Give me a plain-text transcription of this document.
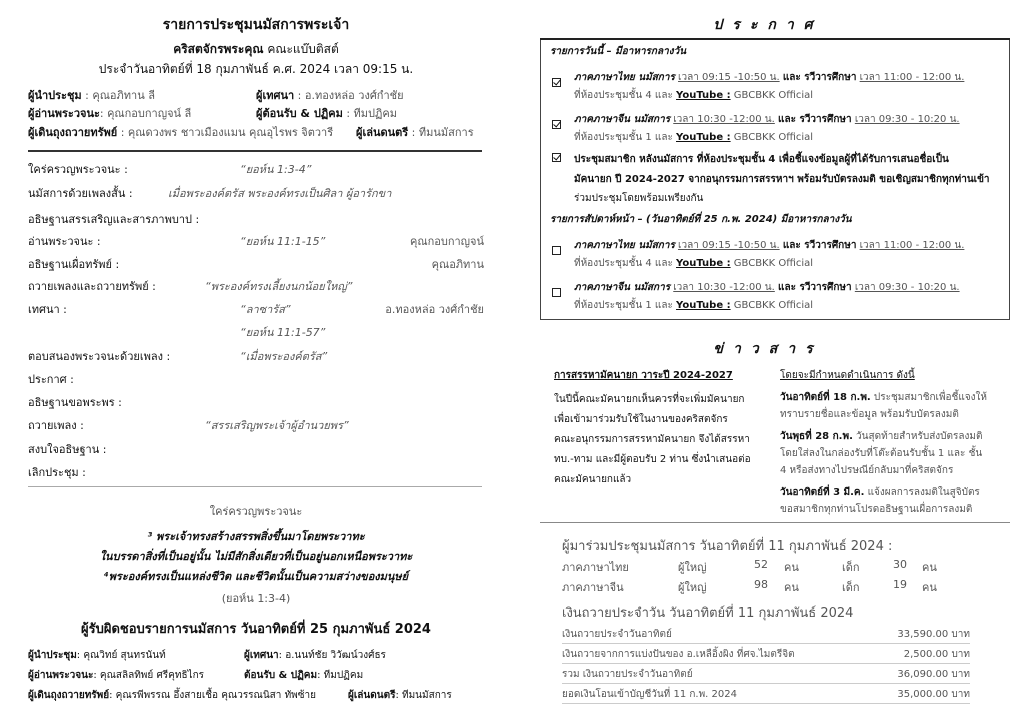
รายการประชุมนมัสการพระเจ้า
คริสตจักรพระคุณ คณะแบ๊บติสต์
ประจำวันอาทิตย์ที่ 18 กุมภาพันธ์ ค.ศ. 2024 เวลา 09:15 น.
ผู้นำประชุม : คุณอภิทาน ลี	ผู้เทศนา : อ.ทองหล่อ วงศ์กำชัย
ผู้อ่านพระวจนะ: คุณกอบกาญจน์ ลี	ผู้ต้อนรับ & ปฏิคม : ทีมปฏิคม
ผู้เดินถุงถวายทรัพย์ : คุณดวงพร ชาวเมืองแมน คุณอุไรพร จิตวารี ผู้เล่นดนตรี : ทีมนมัสการ
ใคร่ครวญพระวจนะ :	“ยอห์น 1:3-4”
นมัสการด้วยเพลงสั้น :	เมื่อพระองค์ตรัส พระองค์ทรงเป็นศิลา ผู้อารักขา
อธิษฐานสรรเสริญและสารภาพบาป :
อ่านพระวจนะ :	“ยอห์น 11:1-15”	คุณกอบกาญจน์
อธิษฐานเผื่อทรัพย์ :	คุณอภิทาน
ถวายเพลงและถวายทรัพย์ :	“พระองค์ทรงเลี้ยงนกน้อยใหญ่”
เทศนา :	“ลาซารัส”	อ.ทองหล่อ วงศ์กำชัย
“ยอห์น 11:1-57”
ตอบสนองพระวจนะด้วยเพลง :	“เมื่อพระองค์ตรัส”
ประกาศ :
อธิษฐานขอพระพร :
ถวายเพลง :	“สรรเสริญพระเจ้าผู้อำนวยพร”
สงบใจอธิษฐาน :
เลิกประชุม :
ใคร่ครวญพระวจนะ
³ พระเจ้าทรงสร้างสรรพสิ่งขึ้นมาโดยพระวาทะ
ในบรรดาสิ่งที่เป็นอยู่นั้น ไม่มีสักสิ่งเดียวที่เป็นอยู่นอกเหนือพระวาทะ
⁴พระองค์ทรงเป็นแหล่งชีวิต และชีวิตนั้นเป็นความสว่างของมนุษย์
(ยอห์น 1:3-4)
ผู้รับผิดชอบรายการนมัสการ วันอาทิตย์ที่ 25 กุมภาพันธ์ 2024
ผู้นำประชุม: คุณวิทย์ สุนทรนันท์	ผู้เทศนา: อ.นนท์ชัย วิวัฒน์วงศ์ธร
ผู้อ่านพระวจนะ: คุณสลิลทิพย์ ศรีคุทธิไกร	ต้อนรับ & ปฏิคม: ทีมปฏิคม
ผู้เดินถุงถวายทรัพย์: คุณรพีพรรณ อึ้งสายเชื้อ คุณวรรณนิสา ทัพซ้าย	ผู้เล่นดนตรี: ทีมนมัสการ
ประกาศ
รายการวันนี้ – มีอาหารกลางวัน
ภาคภาษาไทย นมัสการ เวลา 09:15 -10:50 น. และ รวีวารศึกษา เวลา 11:00 - 12:00 น.
ที่ห้องประชุมชั้น 4 และ YouTube : GBCBKK Official
ภาคภาษาจีน นมัสการ เวลา 10:30 -12:00 น. และ รวีวารศึกษา เวลา 09:30 - 10:20 น.
ที่ห้องประชุมชั้น 1 และ YouTube : GBCBKK Official
ประชุมสมาชิก หลังนมัสการ ที่ห้องประชุมชั้น 4 เพื่อชี้แจงข้อมูลผู้ที่ได้รับการเสนอชื่อเป็น
มัคนายก ปี 2024-2027 จากอนุกรรมการสรรหาฯ พร้อมรับบัตรลงมติ ขอเชิญสมาชิกทุกท่านเข้า
ร่วมประชุมโดยพร้อมเพรียงกัน
รายการสัปดาห์หน้า – (วันอาทิตย์ที่ 25 ก.พ. 2024) มีอาหารกลางวัน
ภาคภาษาไทย นมัสการ เวลา 09:15 -10:50 น. และ รวีวารศึกษา เวลา 11:00 - 12:00 น.
ที่ห้องประชุมชั้น 4 และ YouTube : GBCBKK Official
ภาคภาษาจีน นมัสการ เวลา 10:30 -12:00 น. และ รวีวารศึกษา เวลา 09:30 - 10:20 น.
ที่ห้องประชุมชั้น 1 และ YouTube : GBCBKK Official
ข่าวสาร
การสรรหามัคนายก วาระปี 2024-2027
ในปีนี้คณะมัคนายกเห็นควรที่จะเพิ่มมัคนายก
เพื่อเข้ามาร่วมรับใช้ในงานของคริสตจักร
คณะอนุกรรมการสรรหามัคนายก จึงได้สรรหา
ทบ.-ทาม และมีผู้ตอบรับ 2 ท่าน ซึ่งนำเสนอต่อ
คณะมัคนายกแล้ว
โดยจะมีกำหนดดำเนินการ ดังนี้
วันอาทิตย์ที่ 18 ก.พ. ประชุมสมาชิกเพื่อชี้แจงให้
ทราบรายชื่อและข้อมูล พร้อมรับบัตรลงมติ
วันพุธที่ 28 ก.พ. วันสุดท้ายสำหรับส่งบัตรลงมติ
โดยใส่ลงในกล่องรับที่โต๊ะต้อนรับชั้น 1 และ ชั้น
4 หรือส่งทางไปรษณีย์กลับมาที่คริสตจักร
วันอาทิตย์ที่ 3 มี.ค. แจ้งผลการลงมติในสูจิบัตร
ขอสมาชิกทุกท่านโปรดอธิษฐานเผื่อการลงมติ
ผู้มาร่วมประชุมนมัสการ วันอาทิตย์ที่ 11 กุมภาพันธ์ 2024 :
ภาคภาษาไทย	ผู้ใหญ่	52 คน	เด็ก	30 คน
ภาคภาษาจีน	ผู้ใหญ่	98 คน	เด็ก	19 คน
เงินถวายประจำวัน วันอาทิตย์ที่ 11 กุมภาพันธ์ 2024
เงินถวายประจำวันอาทิตย์	33,590.00 บาท
เงินถวายจากการแบ่งปันของ อ.เหลือิ้งผิง ที่ศจ.ไมตรีจิต	2,500.00 บาท
รวม เงินถวายประจำวันอาทิตย์	36,090.00 บาท
ยอดเงินโอนเข้าบัญชีวันที่ 11 ก.พ. 2024	35,000.00 บาท
